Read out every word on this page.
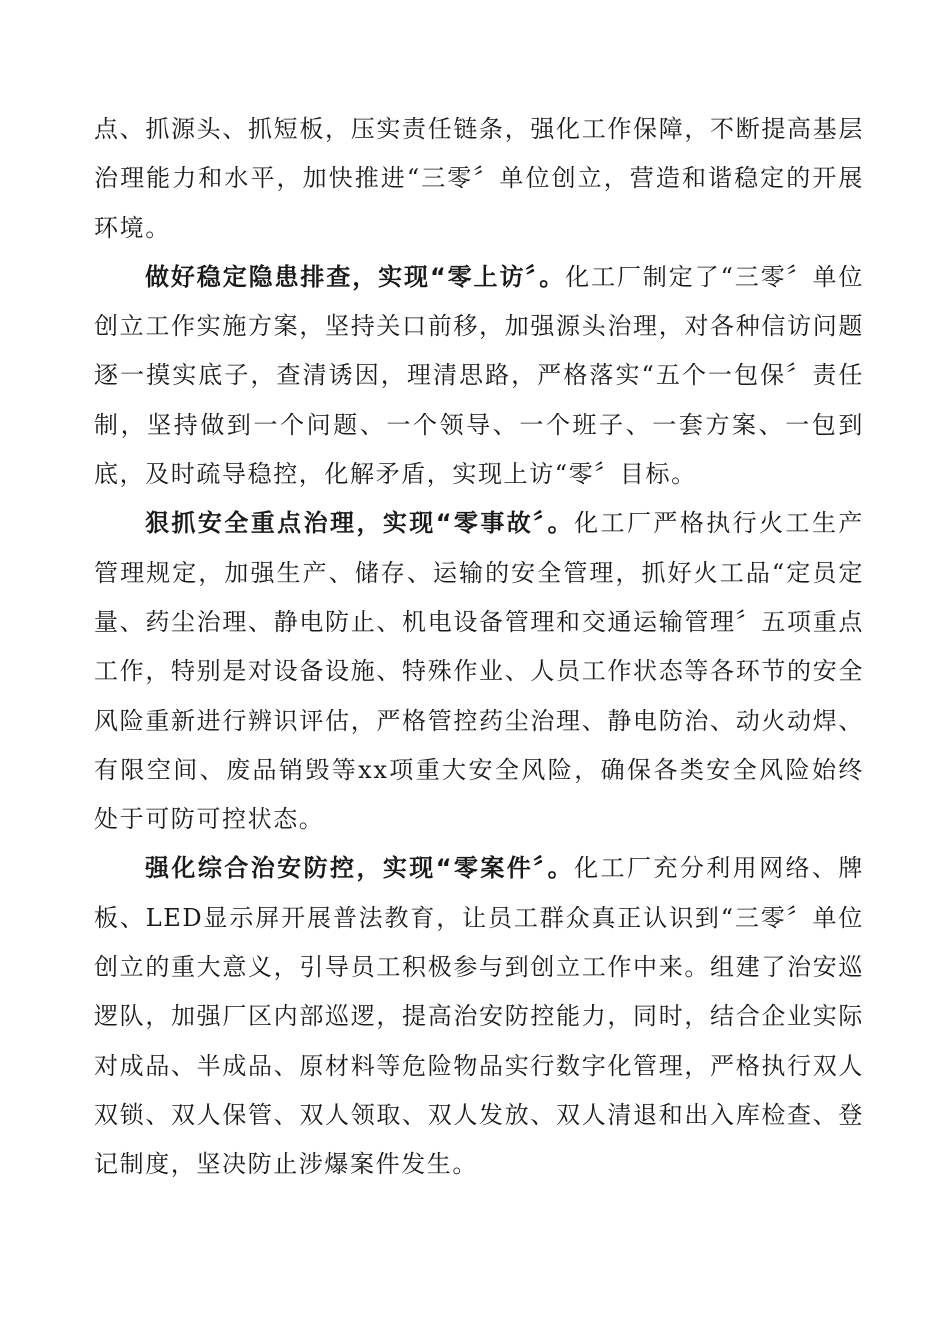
点、抓源头、抓短板，压实责任链条，强化工作保障，不断提高基层治理能力和水平，加快推进“三零〞单位创立，营造和谐稳定的开展环境。

做好稳定隐患排查，实现“零上访〞。化工厂制定了“三零〞单位创立工作实施方案，坚持关口前移，加强源头治理，对各种信访问题逐一摸实底子，查清诱因，理清思路，严格落实“五个一包保〞责任制，坚持做到一个问题、一个领导、一个班子、一套方案、一包到底，及时疏导稳控，化解矛盾，实现上访“零〞目标。

狠抓安全重点治理，实现“零事故〞。化工厂严格执行火工生产管理规定，加强生产、储存、运输的安全管理，抓好火工品“定员定量、药尘治理、静电防止、机电设备管理和交通运输管理〞五项重点工作，特别是对设备设施、特殊作业、人员工作状态等各环节的安全风险重新进行辨识评估，严格管控药尘治理、静电防治、动火动焊、有限空间、废品销毁等xx项重大安全风险，确保各类安全风险始终处于可防可控状态。

强化综合治安防控，实现“零案件〞。化工厂充分利用网络、牌板、LED显示屏开展普法教育，让员工群众真正认识到“三零〞单位创立的重大意义，引导员工积极参与到创立工作中来。组建了治安巡逻队，加强厂区内部巡逻，提高治安防控能力，同时，结合企业实际对成品、半成品、原材料等危险物品实行数字化管理，严格执行双人双锁、双人保管、双人领取、双人发放、双人清退和出入库检查、登记制度，坚决防止涉爆案件发生。
